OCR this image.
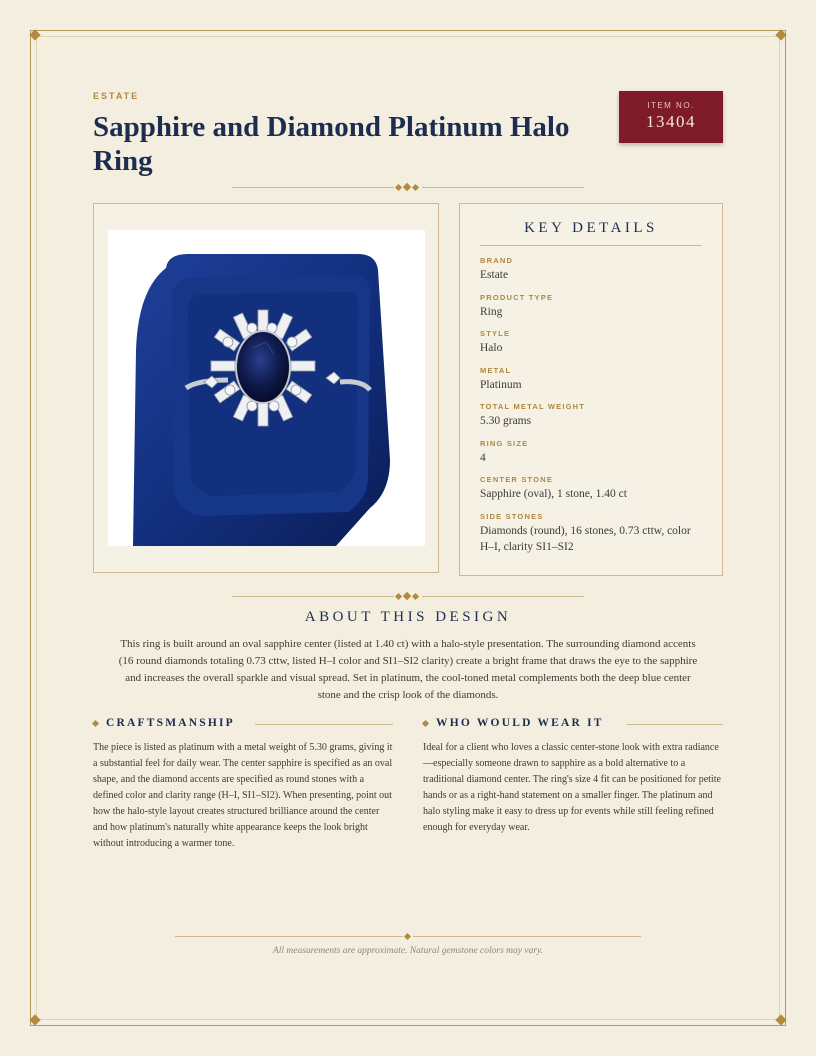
ESTATE
Sapphire and Diamond Platinum Halo Ring
ITEM NO.
13404
KEY DETAILS
BRAND
Estate
PRODUCT TYPE
Ring
STYLE
Halo
METAL
Platinum
TOTAL METAL WEIGHT
5.30 grams
RING SIZE
4
CENTER STONE
Sapphire (oval), 1 stone, 1.40 ct
SIDE STONES
Diamonds (round), 16 stones, 0.73 cttw, color H–I, clarity SI1–SI2
ABOUT THIS DESIGN

This ring is built around an oval sapphire center (listed at 1.40 ct) with a halo-style presentation. The surrounding diamond accents (16 round diamonds totaling 0.73 cttw, listed H–I color and SI1–SI2 clarity) create a bright frame that draws the eye to the sapphire and increases the overall sparkle and visual spread. Set in platinum, the cool-toned metal complements both the deep blue center stone and the crisp look of the diamonds.

CRAFTSMANSHIP

The piece is listed as platinum with a metal weight of 5.30 grams, giving it a substantial feel for daily wear. The center sapphire is specified as an oval shape, and the diamond accents are specified as round stones with a defined color and clarity range (H–I, SI1–SI2). When presenting, point out how the halo-style layout creates structured brilliance around the center and how platinum's naturally white appearance keeps the look bright without introducing a warmer tone.

WHO WOULD WEAR IT

Ideal for a client who loves a classic center-stone look with extra radiance—especially someone drawn to sapphire as a bold alternative to a traditional diamond center. The ring's size 4 fit can be positioned for petite hands or as a right-hand statement on a smaller finger. The platinum and halo styling make it easy to dress up for events while still feeling refined enough for everyday wear.

All measurements are approximate. Natural gemstone colors may vary.
